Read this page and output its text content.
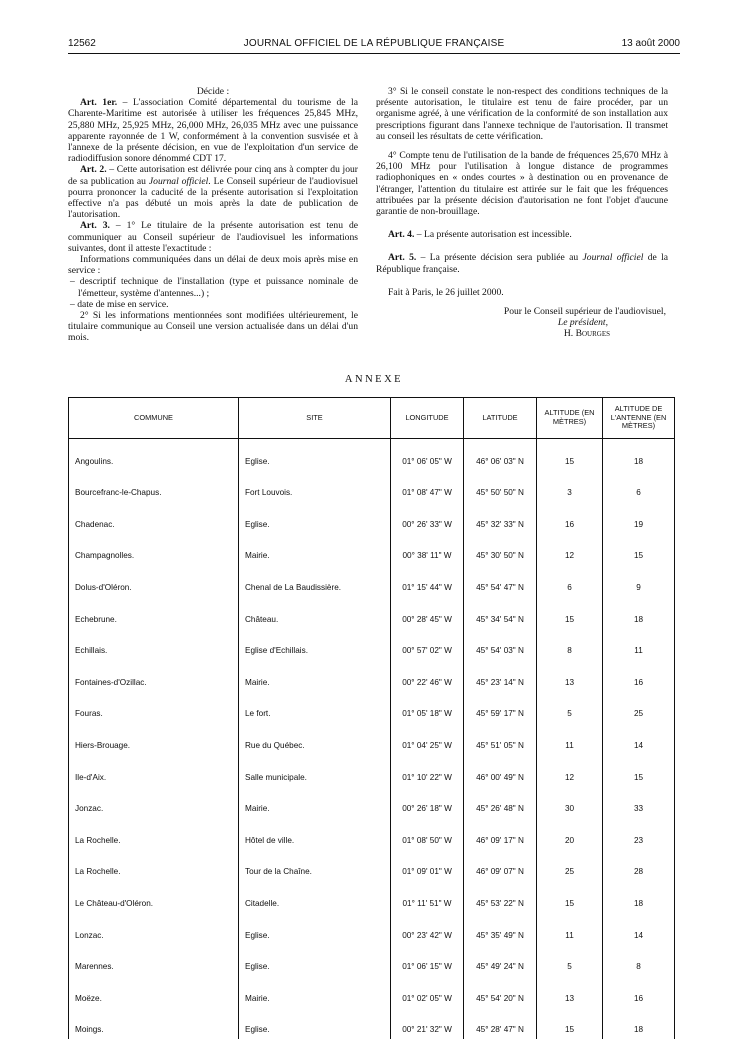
12562	JOURNAL OFFICIEL DE LA RÉPUBLIQUE FRANÇAISE	13 août 2000

Décide :

Art. 1er. – L'association Comité départemental du tourisme de la Charente-Maritime est autorisée à utiliser les fréquences 25,845 MHz, 25,880 MHz, 25,925 MHz, 26,000 MHz, 26,035 MHz avec une puissance apparente rayonnée de 1 W, conformément à la convention susvisée et à l'annexe de la présente décision, en vue de l'exploitation d'un service de radiodiffusion sonore dénommé CDT 17.

Art. 2. – Cette autorisation est délivrée pour cinq ans à compter du jour de sa publication au Journal officiel. Le Conseil supérieur de l'audiovisuel pourra prononcer la caducité de la présente autorisation si l'exploitation effective n'a pas débuté un mois après la date de publication de l'autorisation.

Art. 3. – 1° Le titulaire de la présente autorisation est tenu de communiquer au Conseil supérieur de l'audiovisuel les informations suivantes, dont il atteste l'exactitude :

Informations communiquées dans un délai de deux mois après mise en service :

– descriptif technique de l'installation (type et puissance nominale de l'émetteur, système d'antennes...) ;

– date de mise en service.

2° Si les informations mentionnées sont modifiées ultérieurement, le titulaire communique au Conseil une version actualisée dans un délai d'un mois.

3° Si le conseil constate le non-respect des conditions techniques de la présente autorisation, le titulaire est tenu de faire procéder, par un organisme agréé, à une vérification de la conformité de son installation aux prescriptions figurant dans l'annexe technique de l'autorisation. Il transmet au conseil les résultats de cette vérification.

4° Compte tenu de l'utilisation de la bande de fréquences 25,670 MHz à 26,100 MHz pour l'utilisation à longue distance de programmes radiophoniques en « ondes courtes » à destination ou en provenance de l'étranger, l'attention du titulaire est attirée sur le fait que les fréquences attribuées par la présente décision d'autorisation ne font l'objet d'aucune garantie de non-brouillage.

Art. 4. – La présente autorisation est incessible.

Art. 5. – La présente décision sera publiée au Journal officiel de la République française.

Fait à Paris, le 26 juillet 2000.

Pour le Conseil supérieur de l'audiovisuel,

Le président,

H. Bourges

ANNEXE
COMMUNE	SITE	LONGITUDE	LATITUDE	ALTITUDE (EN MÈTRES)	ALTITUDE DE L'ANTENNE (EN MÈTRES)
Angoulins.	Eglise.	01° 06' 05" W	46° 06' 03" N	15	18
Bourcefranc-le-Chapus.	Fort Louvois.	01° 08' 47" W	45° 50' 50" N	3	6
Chadenac.	Eglise.	00° 26' 33" W	45° 32' 33" N	16	19
Champagnolles.	Mairie.	00° 38' 11" W	45° 30' 50" N	12	15
Dolus-d'Oléron.	Chenal de La Baudissière.	01° 15' 44" W	45° 54' 47" N	6	9
Echebrune.	Château.	00° 28' 45" W	45° 34' 54" N	15	18
Echillais.	Eglise d'Echillais.	00° 57' 02" W	45° 54' 03" N	8	11
Fontaines-d'Ozillac.	Mairie.	00° 22' 46" W	45° 23' 14" N	13	16
Fouras.	Le fort.	01° 05' 18" W	45° 59' 17" N	5	25
Hiers-Brouage.	Rue du Québec.	01° 04' 25" W	45° 51' 05" N	11	14
Ile-d'Aix.	Salle municipale.	01° 10' 22" W	46° 00' 49" N	12	15
Jonzac.	Mairie.	00° 26' 18" W	45° 26' 48" N	30	33
La Rochelle.	Hôtel de ville.	01° 08' 50" W	46° 09' 17" N	20	23
La Rochelle.	Tour de la Chaîne.	01° 09' 01" W	46° 09' 07" N	25	28
Le Château-d'Oléron.	Citadelle.	01° 11' 51" W	45° 53' 22" N	15	18
Lonzac.	Eglise.	00° 23' 42" W	45° 35' 49" N	11	14
Marennes.	Eglise.	01° 06' 15" W	45° 49' 24" N	5	8
Moëze.	Mairie.	01° 02' 05" W	45° 54' 20" N	13	16
Moings.	Eglise.	00° 21' 32" W	45° 28' 47" N	15	18
